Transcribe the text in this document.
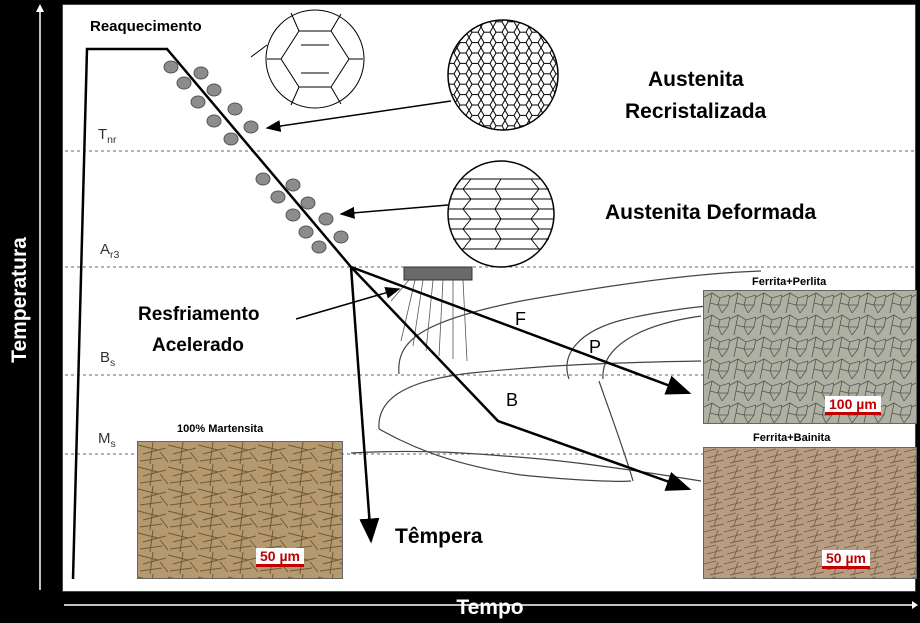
Temperatura
Tempo
Reaquecimento
Austenita
Recristalizada
Austenita Deformada
Resfriamento
Acelerado
Têmpera
F
P
B
$T_{nr}$
$A_{r3}$
$B_s$
$M_s$
100% Martensita
50 µm
Ferrita+Perlita
100 µm
Ferrita+Bainita
50 µm
